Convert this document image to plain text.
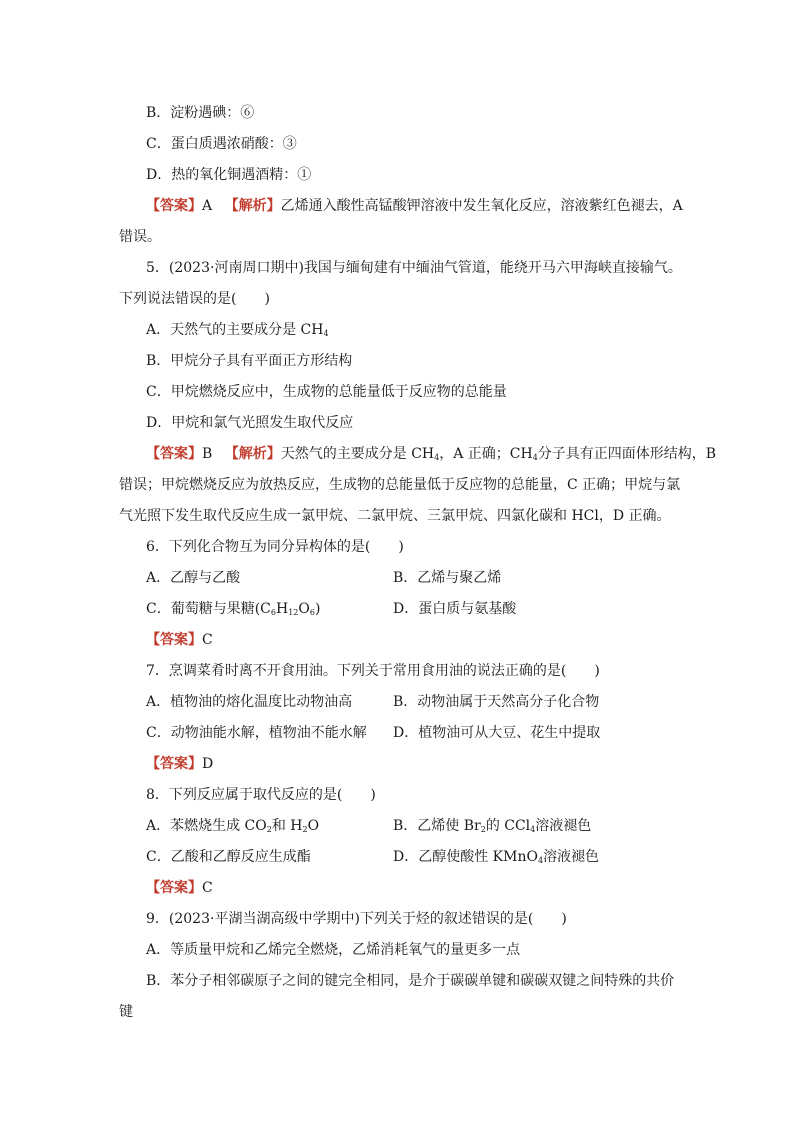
B．淀粉遇碘：⑥
C．蛋白质遇浓硝酸：③
D．热的氧化铜遇酒精：①
【答案】A 【解析】乙烯通入酸性高锰酸钾溶液中发生氧化反应，溶液紫红色褪去，A
错误。
5．(2023·河南周口期中)我国与缅甸建有中缅油气管道，能绕开马六甲海峡直接输气。
下列说法错误的是(　　)
A．天然气的主要成分是 $CH_4$
B．甲烷分子具有平面正方形结构
C．甲烷燃烧反应中，生成物的总能量低于反应物的总能量
D．甲烷和氯气光照发生取代反应
【答案】B 【解析】天然气的主要成分是 $CH_4$，A 正确；$CH_4$分子具有正四面体形结构，B
错误；甲烷燃烧反应为放热反应，生成物的总能量低于反应物的总能量，C 正确；甲烷与氯
气光照下发生取代反应生成一氯甲烷、二氯甲烷、三氯甲烷、四氯化碳和 HCl，D 正确。
6．下列化合物互为同分异构体的是(　　)
A．乙醇与乙酸	B．乙烯与聚乙烯
C．葡萄糖与果糖$(C_6H_{12}O_6)$	D．蛋白质与氨基酸
【答案】C
7．烹调菜肴时离不开食用油。下列关于常用食用油的说法正确的是(　　)
A．植物油的熔化温度比动物油高	B．动物油属于天然高分子化合物
C．动物油能水解，植物油不能水解 D．植物油可从大豆、花生中提取
【答案】D
8．下列反应属于取代反应的是(　　)
A．苯燃烧生成 $CO_2$和 $H_2O$	B．乙烯使 $Br_2$的 CCl$_4$溶液褪色
C．乙酸和乙醇反应生成酯	D．乙醇使酸性 KMnO$_4$溶液褪色
【答案】C
9．(2023·平湖当湖高级中学期中)下列关于烃的叙述错误的是(　　)
A．等质量甲烷和乙烯完全燃烧，乙烯消耗氧气的量更多一点
B．苯分子相邻碳原子之间的键完全相同，是介于碳碳单键和碳碳双键之间特殊的共价
键
